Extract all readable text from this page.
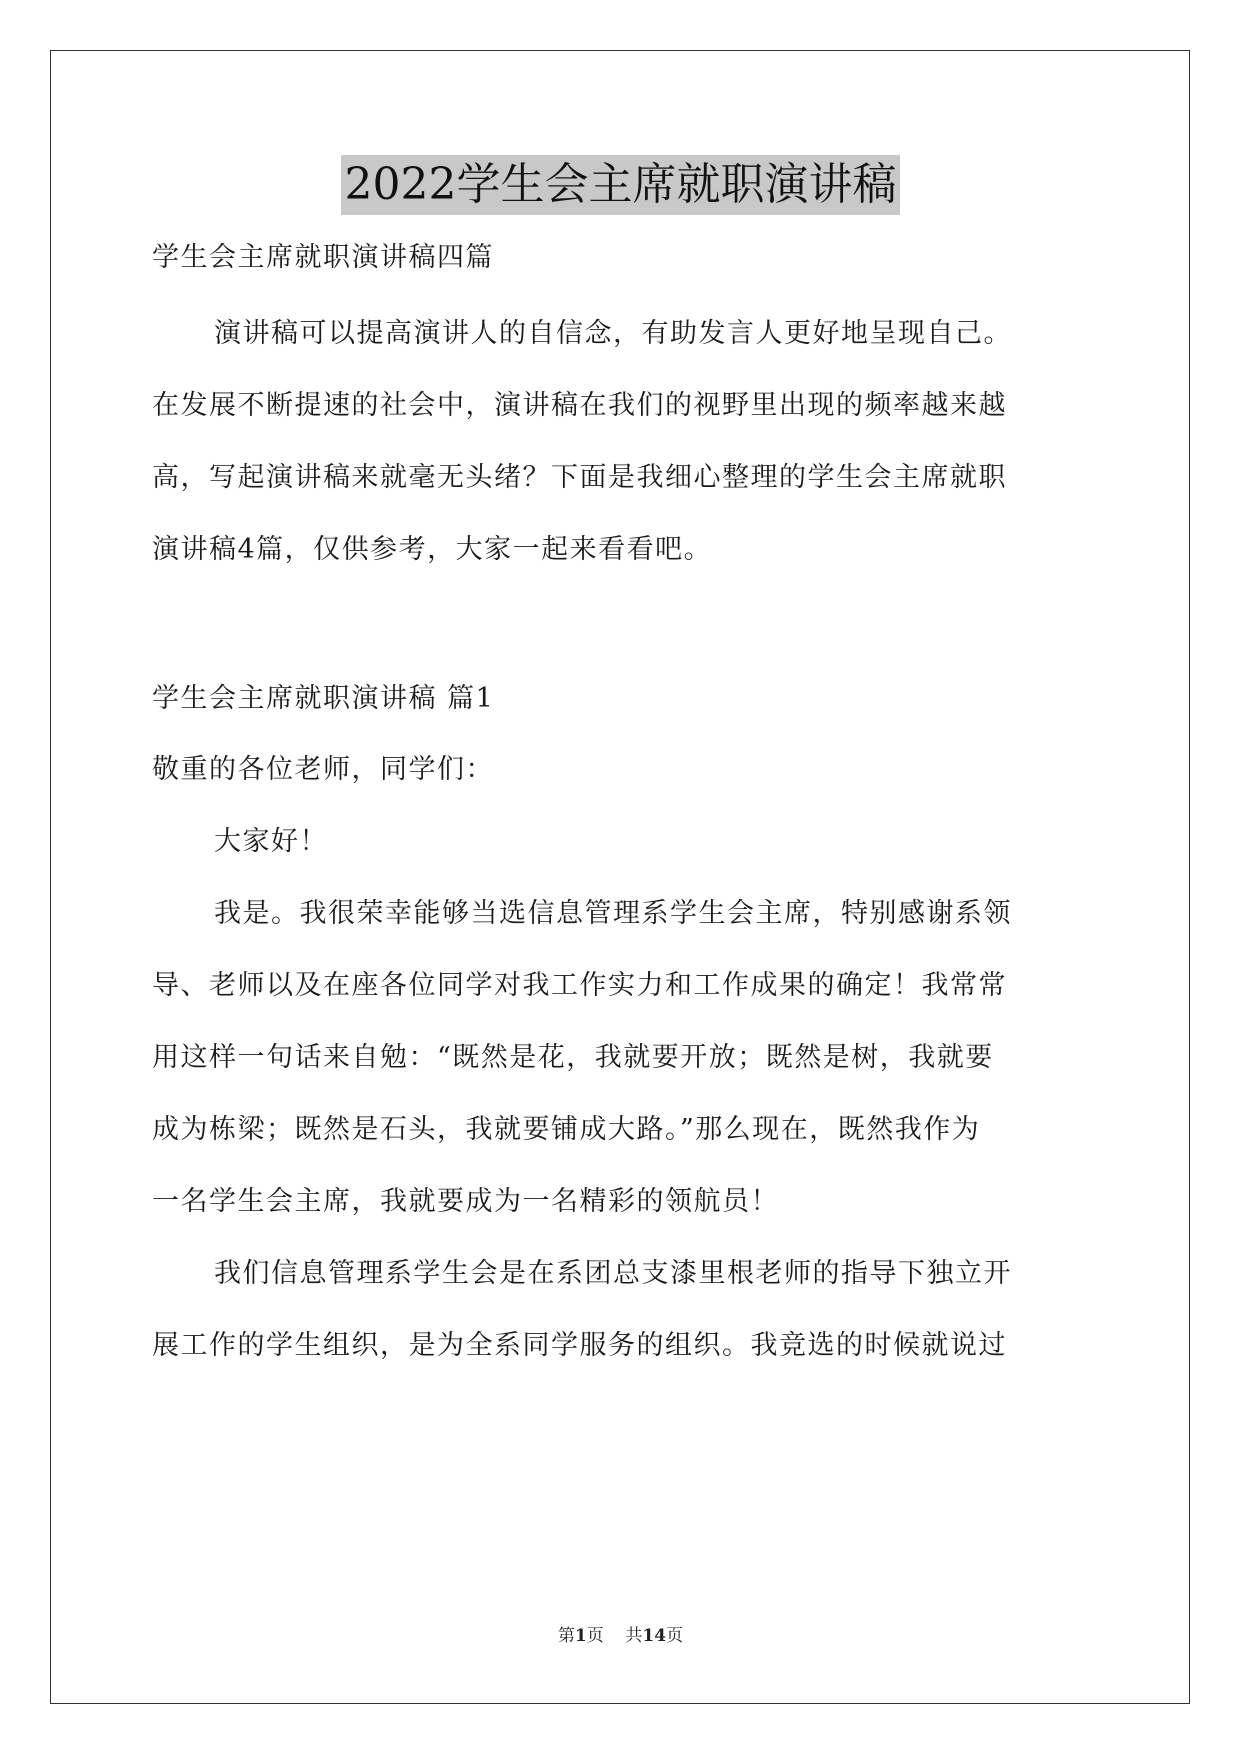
2022学生会主席就职演讲稿
学生会主席就职演讲稿四篇
演讲稿可以提高演讲人的自信念，有助发言人更好地呈现自己。
在发展不断提速的社会中，演讲稿在我们的视野里出现的频率越来越
高，写起演讲稿来就毫无头绪？下面是我细心整理的学生会主席就职
演讲稿4篇，仅供参考，大家一起来看看吧。
学生会主席就职演讲稿 篇1
敬重的各位老师，同学们：
大家好！
我是。我很荣幸能够当选信息管理系学生会主席，特别感谢系领
导、老师以及在座各位同学对我工作实力和工作成果的确定！我常常
用这样一句话来自勉：“既然是花，我就要开放；既然是树，我就要
成为栋梁；既然是石头，我就要铺成大路。”那么现在，既然我作为
一名学生会主席，我就要成为一名精彩的领航员！
我们信息管理系学生会是在系团总支漆里根老师的指导下独立开
展工作的学生组织，是为全系同学服务的组织。我竞选的时候就说过
第1页 共14页
